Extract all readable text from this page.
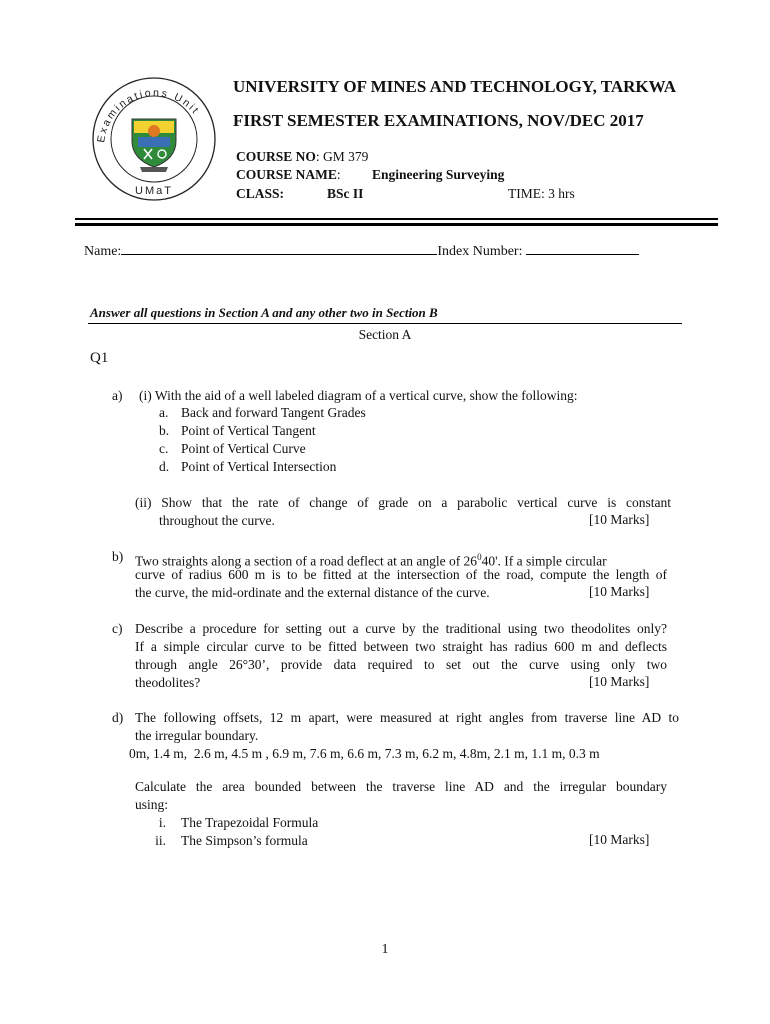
Examinations Unit
UMaT
UNIVERSITY OF MINES AND TECHNOLOGY, TARKWA
FIRST SEMESTER EXAMINATIONS, NOV/DEC 2017
COURSE NO: GM 379
COURSE NAME: Engineering Surveying
CLASS:	BSc II	TIME: 3 hrs
Name:	Index Number:
Answer all questions in Section A and any other two in Section B
Section A
Q1
a) (i) With the aid of a well labeled diagram of a vertical curve, show the following:
a. Back and forward Tangent Grades
b. Point of Vertical Tangent
c. Point of Vertical Curve
d. Point of Vertical Intersection
(ii) Show that the rate of change of grade on a parabolic vertical curve is constant
throughout the curve.	[10 Marks]
b) Two straights along a section of a road deflect at an angle of $26^040'$. If a simple circular
curve of radius 600 m is to be fitted at the intersection of the road, compute the length of
the curve, the mid-ordinate and the external distance of the curve.	[10 Marks]
c) Describe a procedure for setting out a curve by the traditional using two theodolites only?
If a simple circular curve to be fitted between two straight has radius 600 m and deflects
through angle 26°30’, provide data required to set out the curve using only two
theodolites?	[10 Marks]
d) The following offsets, 12 m apart, were measured at right angles from traverse line AD to
the irregular boundary.
0m, 1.4 m,  2.6 m, 4.5 m , 6.9 m, 7.6 m, 6.6 m, 7.3 m, 6.2 m, 4.8m, 2.1 m, 1.1 m, 0.3 m
Calculate the area bounded between the traverse line AD and the irregular boundary
using:
i. The Trapezoidal Formula
ii. The Simpson’s formula	[10 Marks]
1
